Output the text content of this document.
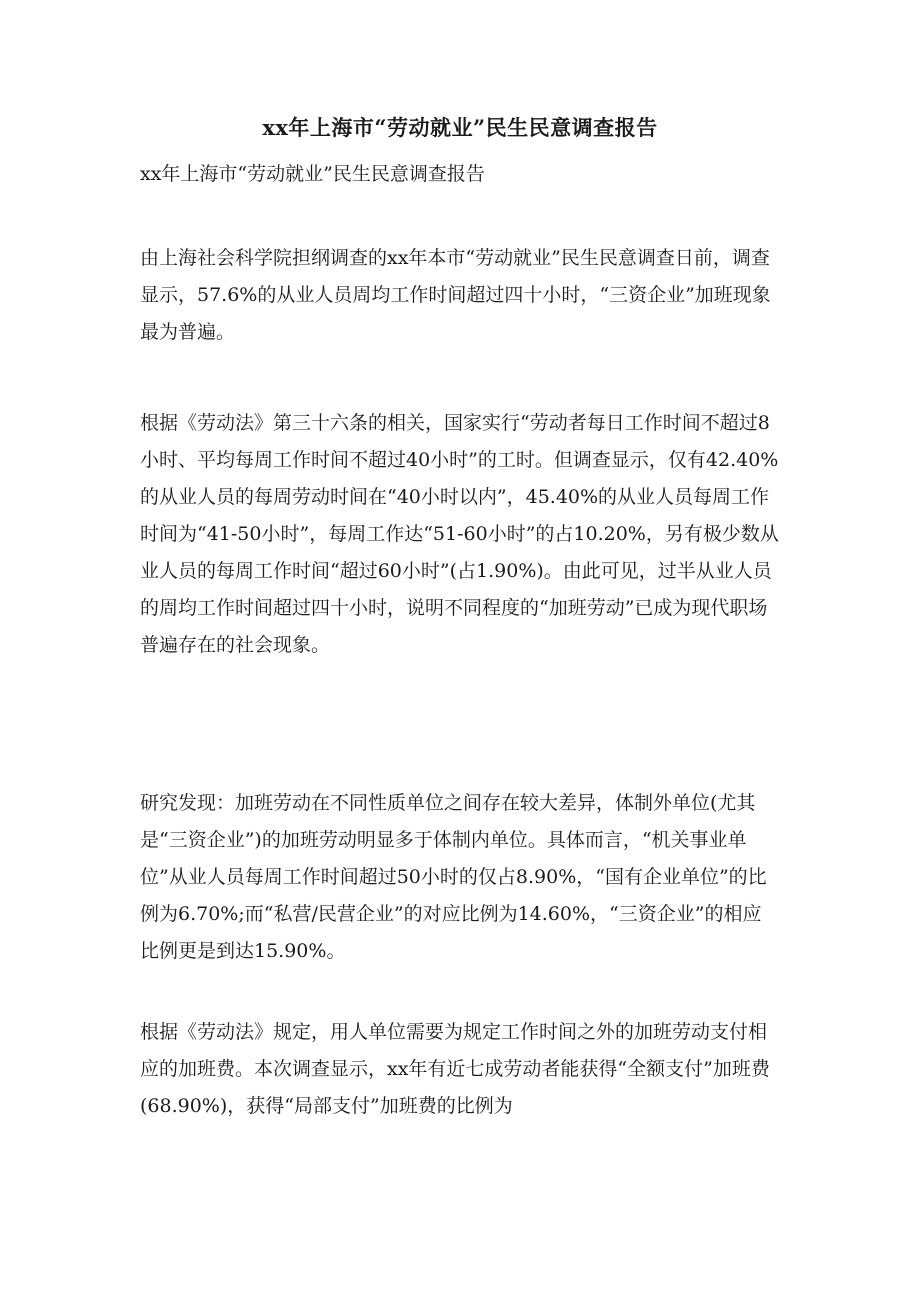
xx年上海市“劳动就业”民生民意调查报告
xx年上海市“劳动就业”民生民意调查报告
由上海社会科学院担纲调查的xx年本市“劳动就业”民生民意调查日前，调查显示，57.6%的从业人员周均工作时间超过四十小时，“三资企业”加班现象最为普遍。
根据《劳动法》第三十六条的相关，国家实行“劳动者每日工作时间不超过8小时、平均每周工作时间不超过40小时”的工时。但调查显示，仅有42.40%的从业人员的每周劳动时间在“40小时以内”，45.40%的从业人员每周工作时间为“41-50小时”，每周工作达“51-60小时”的占10.20%，另有极少数从业人员的每周工作时间“超过60小时”(占1.90%)。由此可见，过半从业人员的周均工作时间超过四十小时，说明不同程度的“加班劳动”已成为现代职场普遍存在的社会现象。
研究发现：加班劳动在不同性质单位之间存在较大差异，体制外单位(尤其是“三资企业”)的加班劳动明显多于体制内单位。具体而言，“机关事业单位”从业人员每周工作时间超过50小时的仅占8.90%，“国有企业单位”的比例为6.70%;而“私营/民营企业”的对应比例为14.60%，“三资企业”的相应比例更是到达15.90%。
根据《劳动法》规定，用人单位需要为规定工作时间之外的加班劳动支付相应的加班费。本次调查显示，xx年有近七成劳动者能获得“全额支付”加班费(68.90%)，获得“局部支付”加班费的比例为
